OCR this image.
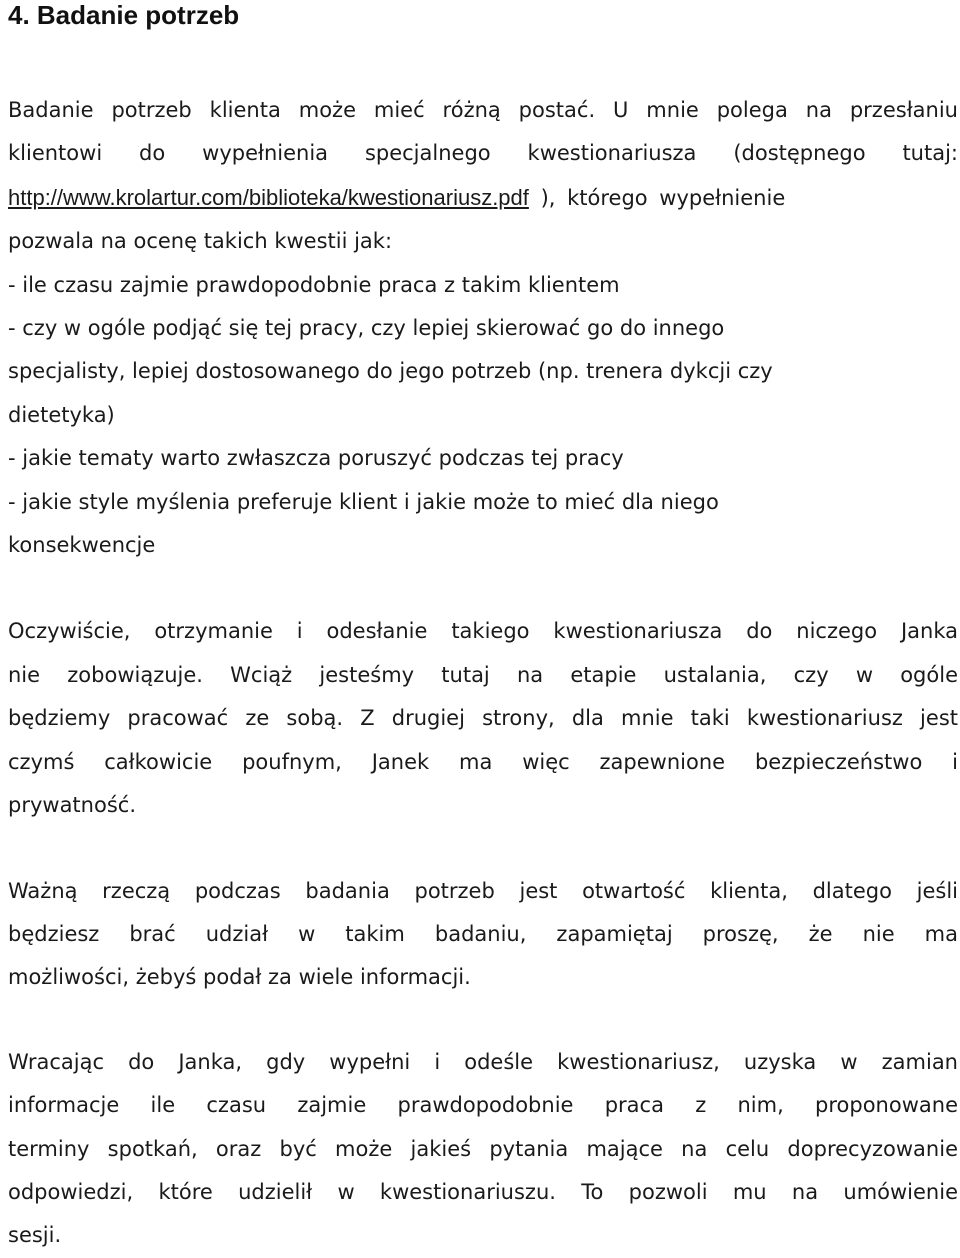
4. Badanie potrzeb
Badanie potrzeb klienta może mieć różną postać. U mnie polega na przesłaniu
klientowi do wypełnienia specjalnego kwestionariusza (dostępnego tutaj:
http://www.krolartur.com/biblioteka/kwestionariusz.pdf ), którego wypełnienie
pozwala na ocenę takich kwestii jak:
- ile czasu zajmie prawdopodobnie praca z takim klientem
- czy w ogóle podjąć się tej pracy, czy lepiej skierować go do innego
specjalisty, lepiej dostosowanego do jego potrzeb (np. trenera dykcji czy
dietetyka)
- jakie tematy warto zwłaszcza poruszyć podczas tej pracy
- jakie style myślenia preferuje klient i jakie może to mieć dla niego
konsekwencje
Oczywiście, otrzymanie i odesłanie takiego kwestionariusza do niczego Janka
nie zobowiązuje. Wciąż jesteśmy tutaj na etapie ustalania, czy w ogóle
będziemy pracować ze sobą. Z drugiej strony, dla mnie taki kwestionariusz jest
czymś całkowicie poufnym, Janek ma więc zapewnione bezpieczeństwo i
prywatność.
Ważną rzeczą podczas badania potrzeb jest otwartość klienta, dlatego jeśli
będziesz brać udział w takim badaniu, zapamiętaj proszę, że nie ma
możliwości, żebyś podał za wiele informacji.
Wracając do Janka, gdy wypełni i odeśle kwestionariusz, uzyska w zamian
informacje ile czasu zajmie prawdopodobnie praca z nim, proponowane
terminy spotkań, oraz być może jakieś pytania mające na celu doprecyzowanie
odpowiedzi, które udzielił w kwestionariuszu. To pozwoli mu na umówienie
sesji.
